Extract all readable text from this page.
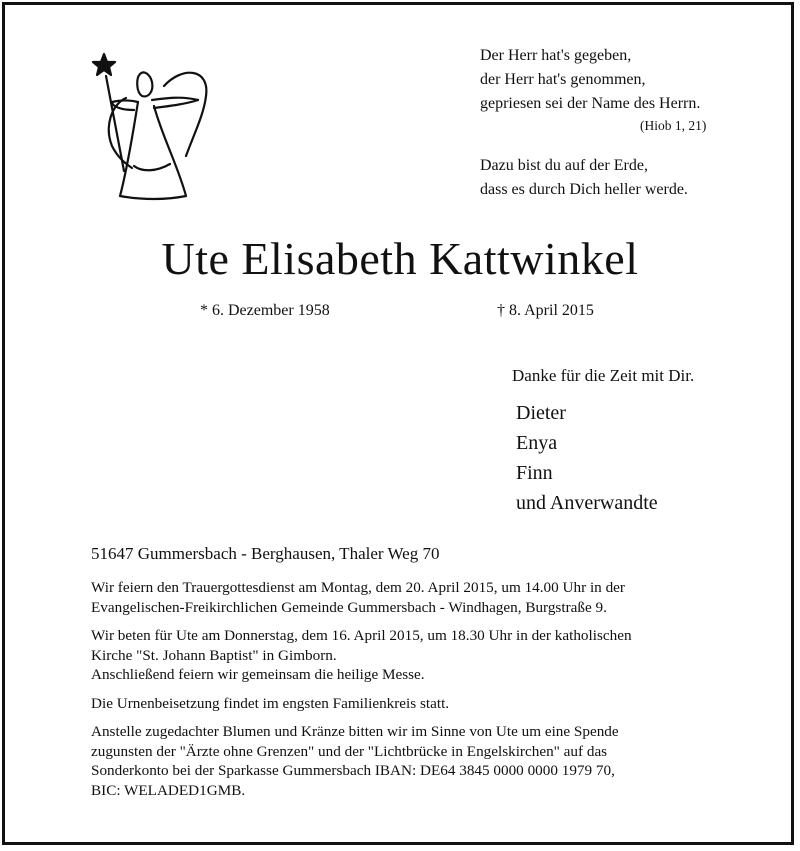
Der Herr hat's gegeben,

der Herr hat's genommen,

gepriesen sei der Name des Herrn.

(Hiob 1, 21)

Dazu bist du auf der Erde,

dass es durch Dich heller werde.

Ute Elisabeth Kattwinkel
* 6. Dezember 1958	† 8. April 2015
Danke für die Zeit mit Dir.
Dieter
Enya
Finn
und Anverwandte
51647 Gummersbach - Berghausen, Thaler Weg 70

Wir feiern den Trauergottesdienst am Montag, dem 20. April 2015, um 14.00 Uhr in der
Evangelischen-Freikirchlichen Gemeinde Gummersbach - Windhagen, Burgstraße 9.

Wir beten für Ute am Donnerstag, dem 16. April 2015, um 18.30 Uhr in der katholischen
Kirche "St. Johann Baptist" in Gimborn.
Anschließend feiern wir gemeinsam die heilige Messe.

Die Urnenbeisetzung findet im engsten Familienkreis statt.

Anstelle zugedachter Blumen und Kränze bitten wir im Sinne von Ute um eine Spende
zugunsten der "Ärzte ohne Grenzen" und der "Lichtbrücke in Engelskirchen" auf das
Sonderkonto bei der Sparkasse Gummersbach IBAN: DE64 3845 0000 0000 1979 70,
BIC: WELADED1GMB.
